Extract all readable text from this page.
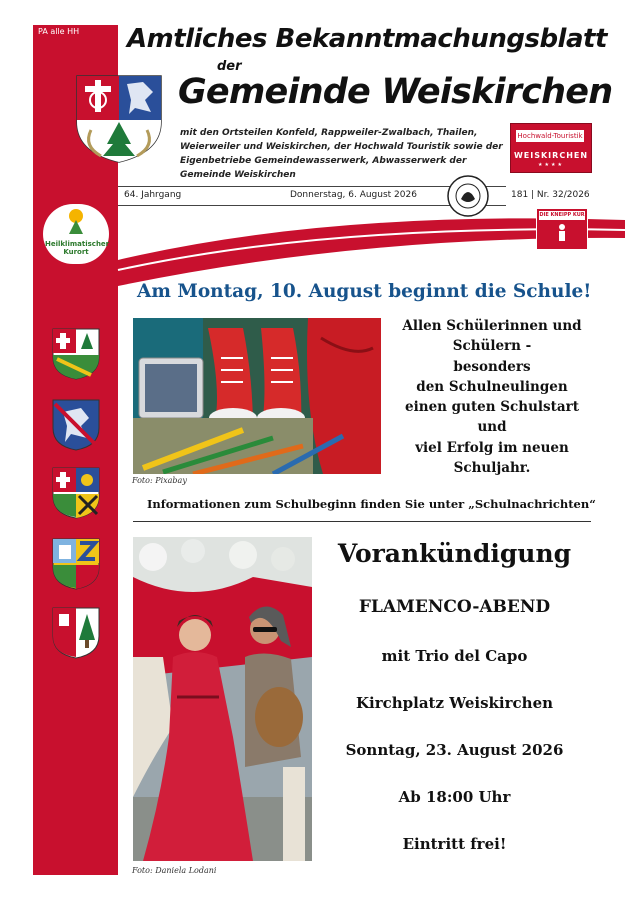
PA alle HH Amtliches Bekanntmachungsblatt
der
Gemeinde Weiskirchen
mit den Ortsteilen Konfeld, Rappweiler-Zwalbach, Thailen, Weierweiler und Weiskirchen, der Hochwald Touristik sowie der Eigenbetriebe Gemeindewasserwerk, Abwasserwerk der Gemeinde Weiskirchen
Hochwald-Touristik
WEISKIRCHEN
★★★★
64. Jahrgang	Donnerstag, 6. August 2026	181 | Nr. 32/2026
DIE KNEIPP KUR
Heilklimatischer
Kurort
Am Montag, 10. August beginnt die Schule!
Foto: Pixabay
Allen Schülerinnen und
Schülern -
besonders
den Schulneulingen
einen guten Schulstart
und
viel Erfolg im neuen
Schuljahr.
Informationen zum Schulbeginn finden Sie unter „Schulnachrichten“
Foto: Daniela Lodani
Vorankündigung
FLAMENCO-ABEND
mit Trio del Capo
Kirchplatz Weiskirchen
Sonntag, 23. August 2026
Ab 18:00 Uhr
Eintritt frei!
